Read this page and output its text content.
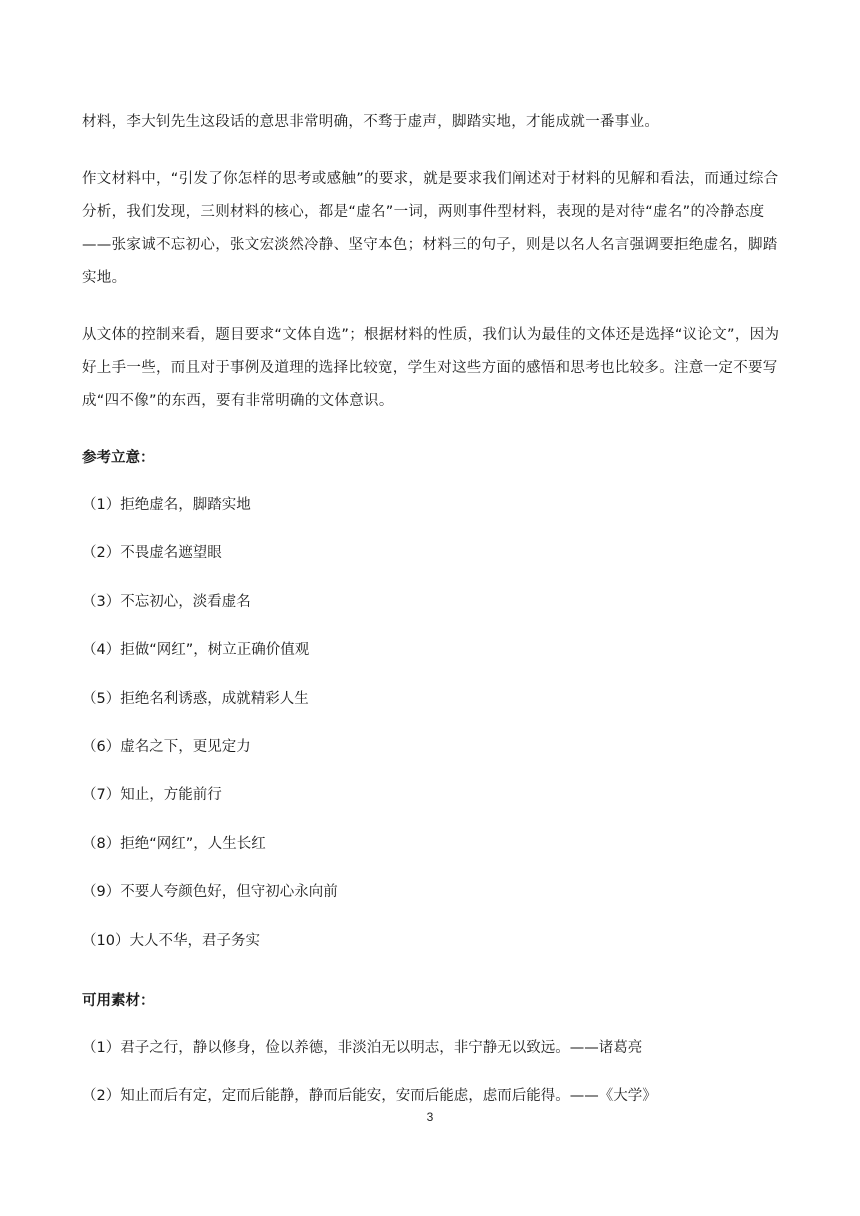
材料，李大钊先生这段话的意思非常明确，不骛于虚声，脚踏实地，才能成就一番事业。

作文材料中，“引发了你怎样的思考或感触”的要求，就是要求我们阐述对于材料的见解和看法，而通过综合分析，我们发现，三则材料的核心，都是“虚名”一词，两则事件型材料，表现的是对待“虚名”的冷静态度——张家诚不忘初心，张文宏淡然冷静、坚守本色；材料三的句子，则是以名人名言强调要拒绝虚名，脚踏实地。

从文体的控制来看，题目要求“文体自选”；根据材料的性质，我们认为最佳的文体还是选择“议论文”，因为好上手一些，而且对于事例及道理的选择比较宽，学生对这些方面的感悟和思考也比较多。注意一定不要写成“四不像”的东西，要有非常明确的文体意识。

参考立意：
（1）拒绝虚名，脚踏实地
（2）不畏虚名遮望眼
（3）不忘初心，淡看虚名
（4）拒做“网红”，树立正确价值观
（5）拒绝名利诱惑，成就精彩人生
（6）虚名之下，更见定力
（7）知止，方能前行
（8）拒绝“网红”，人生长红
（9）不要人夸颜色好，但守初心永向前
（10）大人不华，君子务实
可用素材：
（1）君子之行，静以修身，俭以养德，非淡泊无以明志，非宁静无以致远。——诸葛亮
（2）知止而后有定，定而后能静，静而后能安，安而后能虑，虑而后能得。——《大学》
3
